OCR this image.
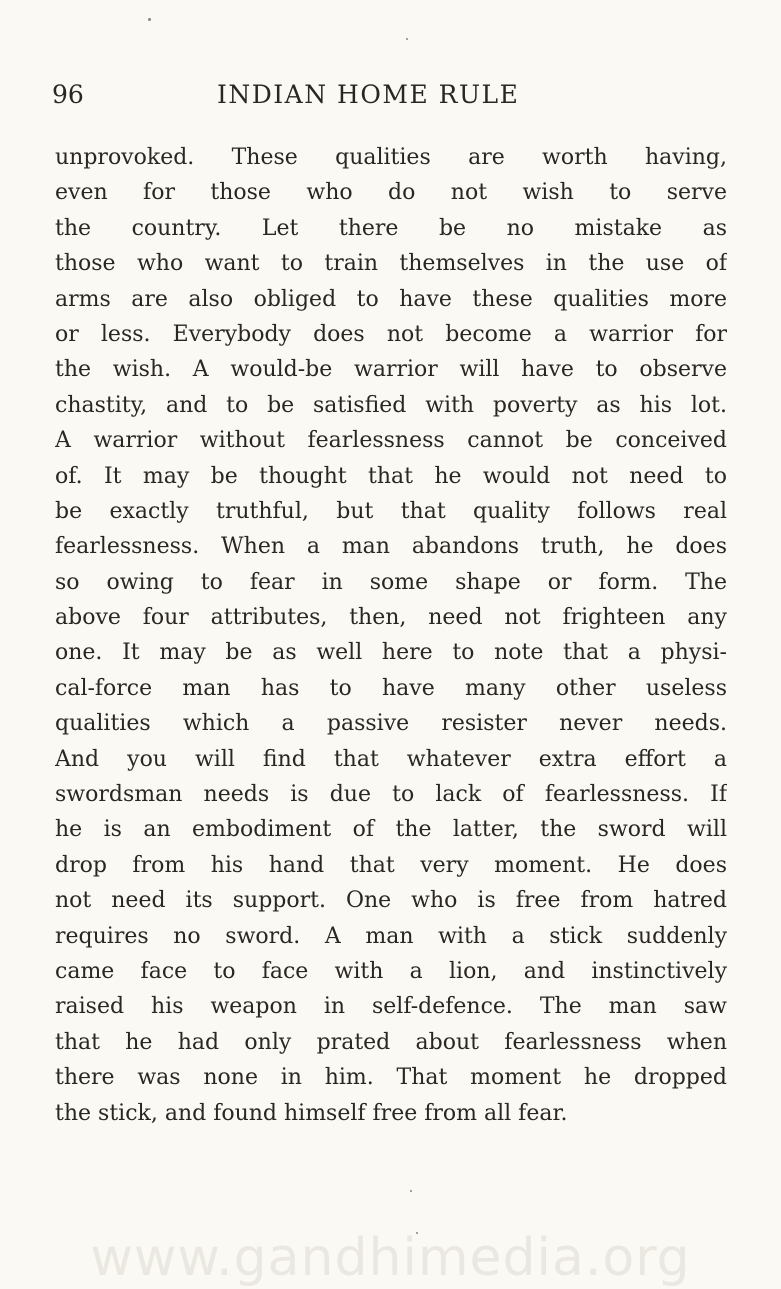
96	INDIAN HOME RULE
unprovoked. These qualities are worth having,
even for those who do not wish to serve
the country. Let there be no mistake as
those who want to train themselves in the use of
arms are also obliged to have these qualities more
or less. Everybody does not become a warrior for
the wish. A would-be warrior will have to observe
chastity, and to be satisfied with poverty as his lot.
A warrior without fearlessness cannot be conceived
of. It may be thought that he would not need to
be exactly truthful, but that quality follows real
fearlessness. When a man abandons truth, he does
so owing to fear in some shape or form. The
above four attributes, then, need not frighteen any
one. It may be as well here to note that a physi-
cal-force man has to have many other useless
qualities which a passive resister never needs.
And you will find that whatever extra effort a
swordsman needs is due to lack of fearlessness. If
he is an embodiment of the latter, the sword will
drop from his hand that very moment. He does
not need its support. One who is free from hatred
requires no sword. A man with a stick suddenly
came face to face with a lion, and instinctively
raised his weapon in self-defence. The man saw
that he had only prated about fearlessness when
there was none in him. That moment he dropped
the stick, and found himself free from all fear.
www.gandhimedia.org
